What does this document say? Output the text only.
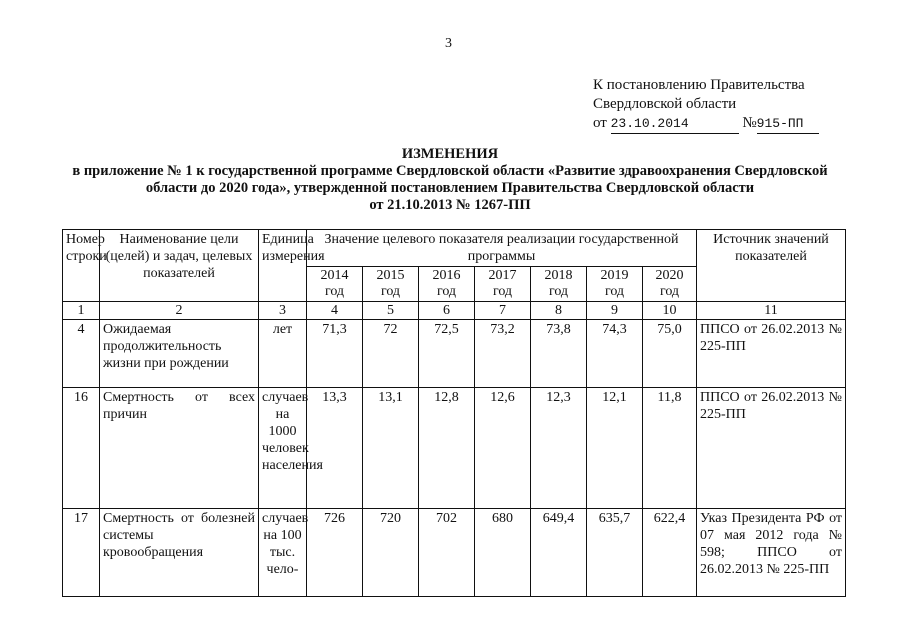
3
К постановлению Правительства
Свердловской области
от 23.10.2014	№915-ПП
ИЗМЕНЕНИЯ
в приложение № 1 к государственной программе Свердловской области «Развитие здравоохранения Свердловской
области до 2020 года», утвержденной постановлением Правительства Свердловской области
от 21.10.2013 № 1267-ПП
Номер строки	Наименование цели (целей) и задач, целевых показателей	Единица измерения	Значение целевого показателя реализации государственной программы							Источник значений показателей
			2014 год	2015 год	2016 год	2017 год	2018 год	2019 год	2020 год	
1	2	3	4	5	6	7	8	9	10	11
4	Ожидаемая продолжительность жизни при рождении	лет	71,3	72	72,5	73,2	73,8	74,3	75,0	ППСО от 26.02.2013 № 225-ПП
16	Смертность от всех причин	случаев на 1000 человек населения	13,3	13,1	12,8	12,6	12,3	12,1	11,8	ППСО от 26.02.2013 № 225-ПП
17	Смертность от болезней системы кровообращения	случаев на 100 тыс. чело-	726	720	702	680	649,4	635,7	622,4	Указ Президента РФ от 07 мая 2012 года № 598; ППСО от 26.02.2013 № 225-ПП
